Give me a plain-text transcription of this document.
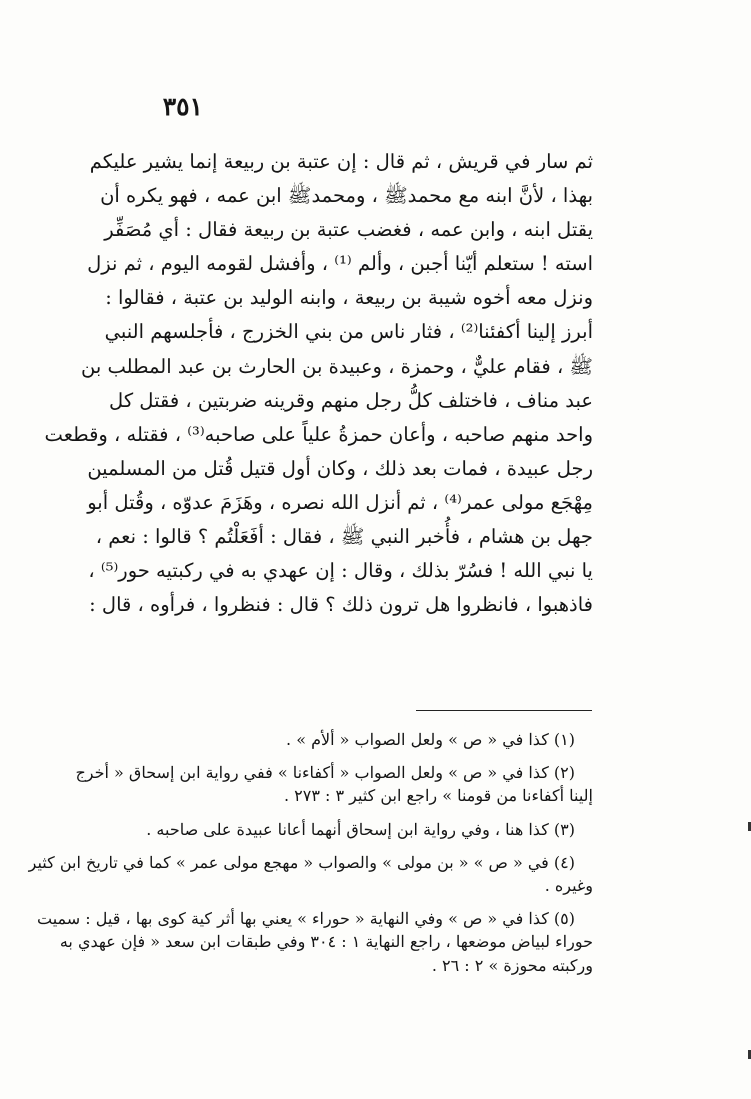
٣٥١
ثم سار في قريش ، ثم قال : إن عتبة بن ربيعة إنما يشير عليكم
بهذا ، لأنَّ ابنه مع محمدﷺ ، ومحمدﷺ ابن عمه ، فهو يكره أن
يقتل ابنه ، وابن عمه ، فغضب عتبة بن ربيعة فقال : أي مُصَفِّر
استه ! ستعلم أيّنا أجبن ، وألم ⁽¹⁾ ، وأفشل لقومه اليوم ، ثم نزل
ونزل معه أخوه شيبة بن ربيعة ، وابنه الوليد بن عتبة ، فقالوا :
أبرز إلينا أكفئنا⁽²⁾ ، فثار ناس من بني الخزرج ، فأجلسهم النبي
ﷺ ، فقام عليٌّ ، وحمزة ، وعبيدة بن الحارث بن عبد المطلب بن
عبد مناف ، فاختلف كلُّ رجل منهم وقرينه ضربتين ، فقتل كل
واحد منهم صاحبه ، وأعان حمزةُ علياً على صاحبه⁽³⁾ ، فقتله ، وقطعت
رجل عبيدة ، فمات بعد ذلك ، وكان أول قتيل قُتل من المسلمين
مِهْجَع مولى عمر⁽⁴⁾ ، ثم أنزل الله نصره ، وهَزَمَ عدوّه ، وقُتل أبو
جهل بن هشام ، فأُخبر النبي ﷺ ، فقال : أفَعَلْتُم ؟ قالوا : نعم ،
يا نبي الله ! فسُرّ بذلك ، وقال : إن عهدي به في ركبتيه حور⁽⁵⁾ ،
فاذهبوا ، فانظروا هل ترون ذلك ؟ قال : فنظروا ، فرأوه ، قال :
(١) كذا في « ص » ولعل الصواب « ألأم » .
(٢) كذا في « ص » ولعل الصواب « أكفاءنا » ففي رواية ابن إسحاق « أخرج
إلينا أكفاءنا من قومنا » راجع ابن كثير ٣ : ٢٧٣ .
(٣) كذا هنا ، وفي رواية ابن إسحاق أنهما أعانا عبيدة على صاحبه .
(٤) في « ص » « بن مولى » والصواب « مهجع مولى عمر » كما في تاريخ ابن كثير
وغيره .
(٥) كذا في « ص » وفي النهاية « حوراء » يعني بها أثر كية كوى بها ، قيل : سميت
حوراء لبياض موضعها ، راجع النهاية ١ : ٣٠٤ وفي طبقات ابن سعد « فإن عهدي به
وركبته محوزة » ٢ : ٢٦ .
